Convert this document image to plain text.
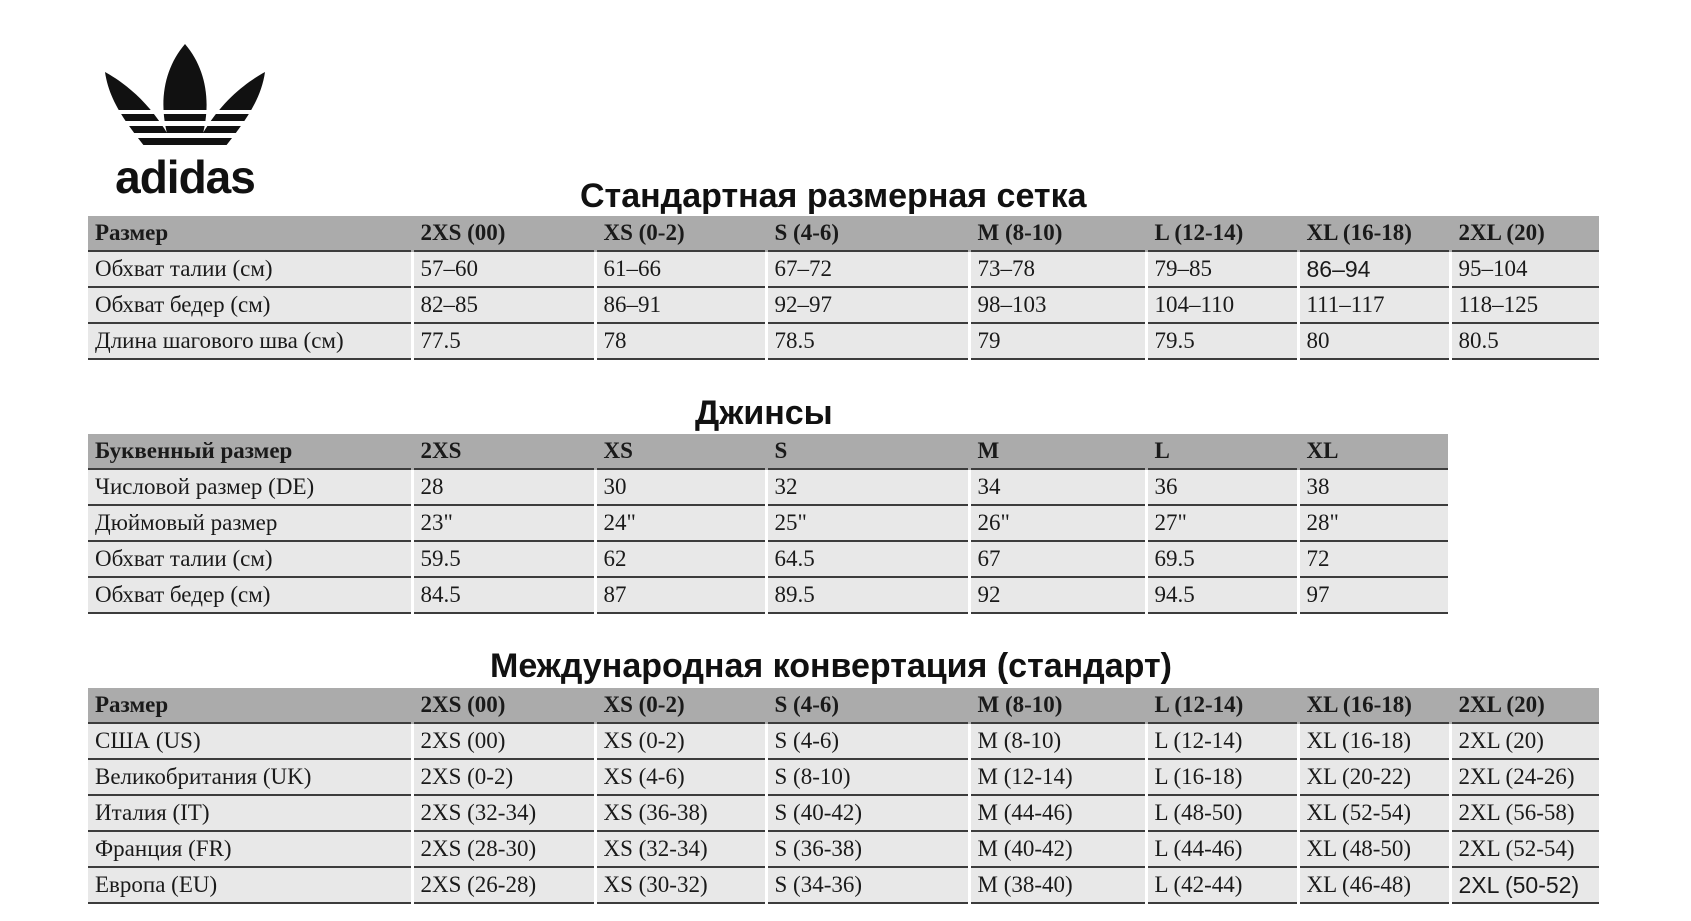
adidas	Стандартная размерная сетка
Размер	2XS (00)	XS (0-2)	S (4-6)	M (8-10)	L (12-14)	XL (16-18)	2XL (20)
Обхват талии (см)	57–60	61–66	67–72	73–78	79–85	86–94	95–104
Обхват бедер (см)	82–85	86–91	92–97	98–103	104–110	111–117	118–125
Длина шагового шва (см)	77.5	78	78.5	79	79.5	80	80.5
Джинсы
Буквенный размер	2XS	XS	S	M	L	XL
Числовой размер (DE)	28	30	32	34	36	38
Дюймовый размер	23"	24"	25"	26"	27"	28"
Обхват талии (см)	59.5	62	64.5	67	69.5	72
Обхват бедер (см)	84.5	87	89.5	92	94.5	97
Международная конвертация (стандарт)
Размер	2XS (00)	XS (0-2)	S (4-6)	M (8-10)	L (12-14)	XL (16-18)	2XL (20)
США (US)	2XS (00)	XS (0-2)	S (4-6)	M (8-10)	L (12-14)	XL (16-18)	2XL (20)
Великобритания (UK)	2XS (0-2)	XS (4-6)	S (8-10)	M (12-14)	L (16-18)	XL (20-22)	2XL (24-26)
Италия (IT)	2XS (32-34)	XS (36-38)	S (40-42)	M (44-46)	L (48-50)	XL (52-54)	2XL (56-58)
Франция (FR)	2XS (28-30)	XS (32-34)	S (36-38)	M (40-42)	L (44-46)	XL (48-50)	2XL (52-54)
Европа (EU)	2XS (26-28)	XS (30-32)	S (34-36)	M (38-40)	L (42-44)	XL (46-48)	2XL (50-52)
